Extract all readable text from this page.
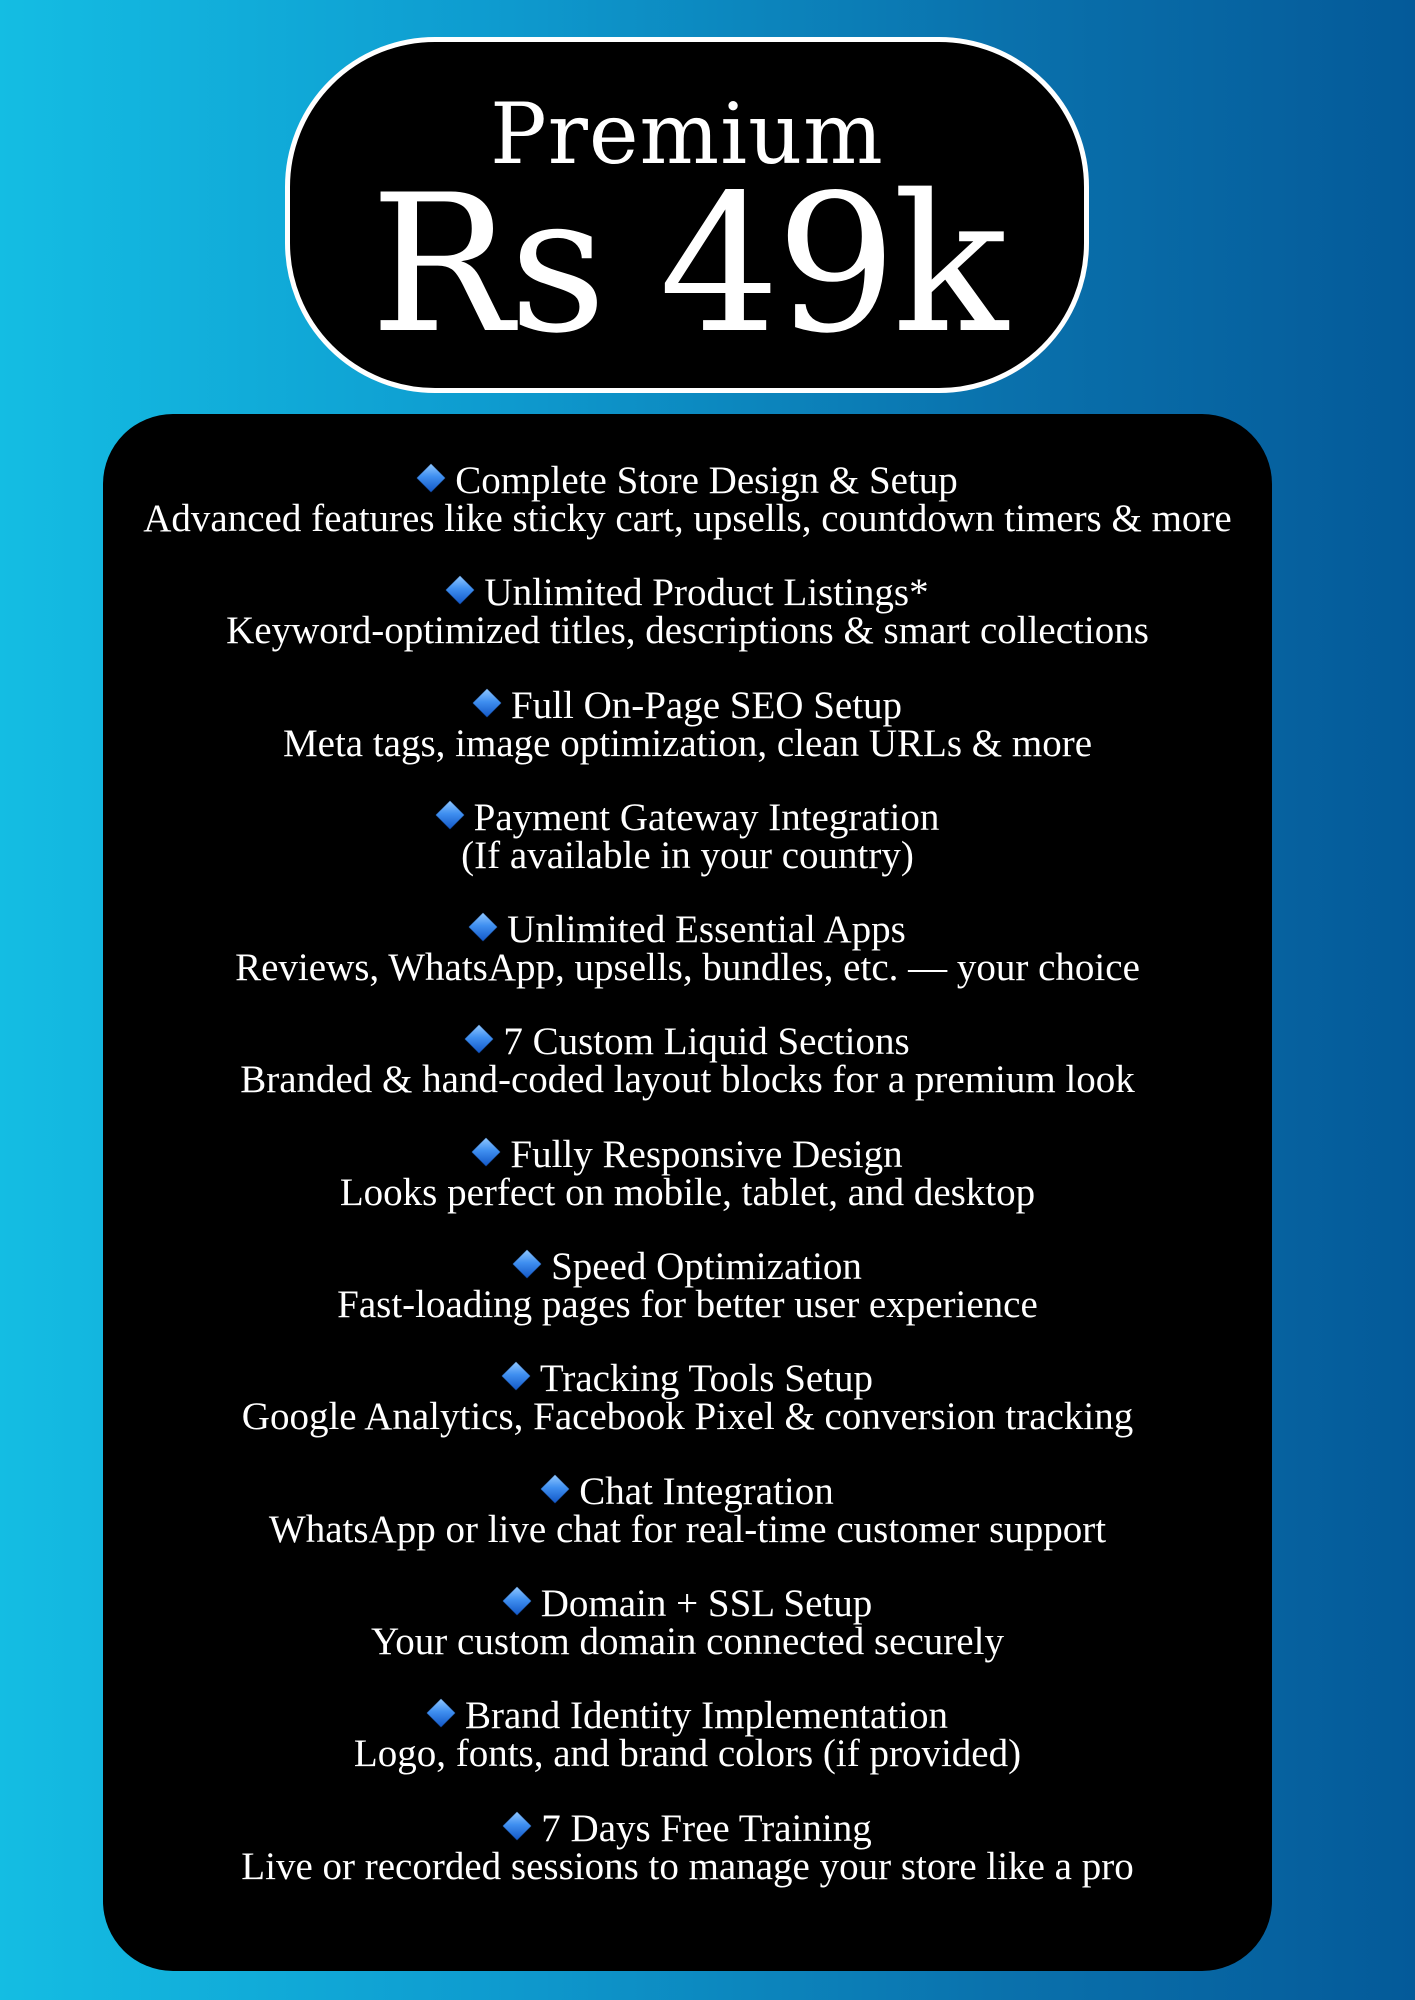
Premium
Rs 49k
Complete Store Design & Setup
Advanced features like sticky cart, upsells, countdown timers & more
Unlimited Product Listings*
Keyword-optimized titles, descriptions & smart collections
Full On-Page SEO Setup
Meta tags, image optimization, clean URLs & more
Payment Gateway Integration
(If available in your country)
Unlimited Essential Apps
Reviews, WhatsApp, upsells, bundles, etc. — your choice
7 Custom Liquid Sections
Branded & hand-coded layout blocks for a premium look
Fully Responsive Design
Looks perfect on mobile, tablet, and desktop
Speed Optimization
Fast-loading pages for better user experience
Tracking Tools Setup
Google Analytics, Facebook Pixel & conversion tracking
Chat Integration
WhatsApp or live chat for real-time customer support
Domain + SSL Setup
Your custom domain connected securely
Brand Identity Implementation
Logo, fonts, and brand colors (if provided)
7 Days Free Training
Live or recorded sessions to manage your store like a pro
